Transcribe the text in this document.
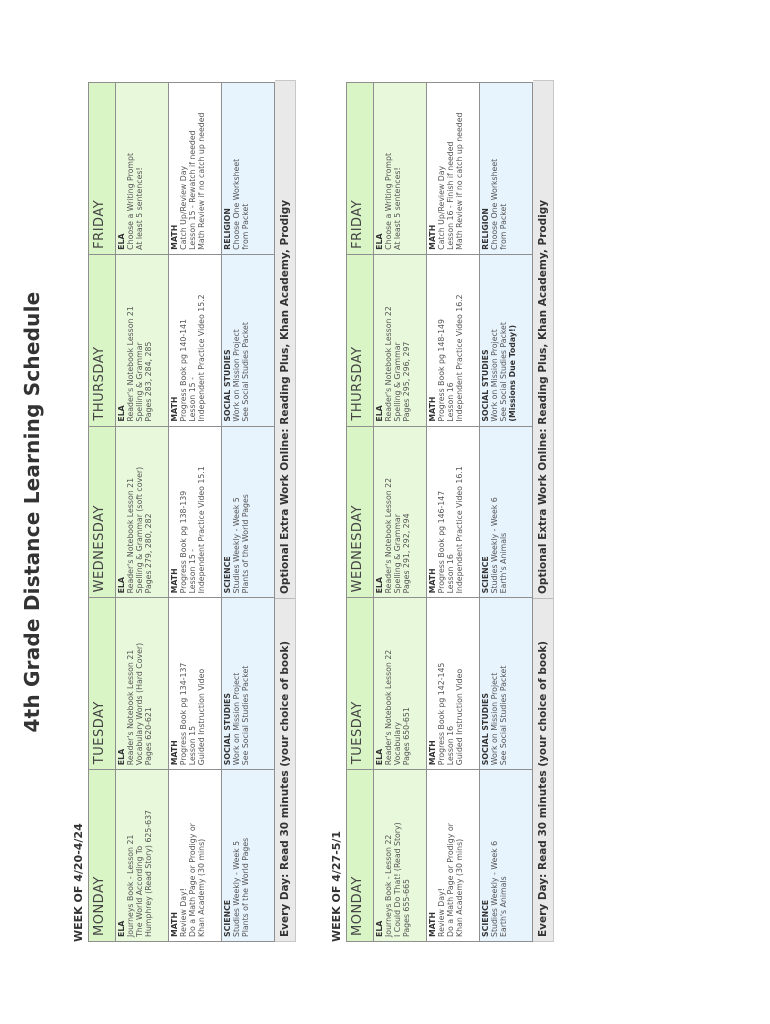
4th Grade Distance Learning Schedule
WEEK OF 4/20-4/24 MONDAY	TUESDAY	WEDNESDAY	THURSDAY	FRIDAY

ELA Journeys Book - Lesson 21 The World According To Humphrey (Read Story) 625-637	ELA Reader's Notebook Lesson 21 Vocabulary Words (Hard Cover) Pages 620-621	ELA Reader's Notebook Lesson 21 Spelling & Grammar (soft cover) Pages 279, 280, 282	ELA Reader's Notebook Lesson 21 Spelling & Grammar Pages 283, 284, 285	ELA Choose a Writing Prompt At least 5 sentences!

MATH Review Day! Do a Math Page or Prodigy or Khan Academy (30 mins)	MATH Progress Book pg 134-137 Lesson 15 Guided Instruction Video	MATH Progress Book pg 138-139 Lesson 15 - Independent Practice Video 15.1	MATH Progress Book pg 140-141 Lesson 15 - Independent Practice Video 15.2	MATH Catch Up/Review Day Lesson 15 - Rewatch if needed Math Review if no catch up needed

SCIENCE Studies Weekly - Week 5 Plants of the World Pages	SOCIAL STUDIES Work on Mission Project See Social Studies Packet	SCIENCE Studies Weekly - Week 5 Plants of the World Pages	SOCIAL STUDIES Work on Mission Project See Social Studies Packet	RELIGION Choose One Worksheet from Packet
Every Day: Read 30 minutes (your choice of book)
Optional Extra Work Online: Reading Plus, Khan Academy, Prodigy
WEEK OF 4/27-5/1 MONDAY	TUESDAY	WEDNESDAY	THURSDAY	FRIDAY

ELA Journeys Book - Lesson 22 I Could Do That! (Read Story) Pages 655-665	ELA Reader's Notebook Lesson 22 Vocabulary Pages 650-651	ELA Reader's Notebook Lesson 22 Spelling & Grammar Pages 291, 292, 294	ELA Reader's Notebook Lesson 22 Spelling & Grammar Pages 295, 296, 297	ELA Choose a Writing Prompt At least 5 sentences!

MATH Review Day! Do a Math Page or Prodigy or Khan Academy (30 mins)	MATH Progress Book pg 142-145 Lesson 16 Guided Instruction Video	MATH Progress Book pg 146-147 Lesson 16 Independent Practice Video 16.1	MATH Progress Book pg 148-149 Lesson 16 Independent Practice Video 16.2	MATH Catch Up/Review Day Lesson 16 - Finish if needed Math Review if no catch up needed

SCIENCE Studies Weekly - Week 6 Earth's Animals	SOCIAL STUDIES Work on Mission Project See Social Studies Packet	SCIENCE Studies Weekly - Week 6 Earth's Animals	SOCIAL STUDIES Work on Mission Project See Social Studies Packet (Missions Due Today!)	RELIGION Choose One Worksheet from Packet
Every Day: Read 30 minutes (your choice of book)
Optional Extra Work Online: Reading Plus, Khan Academy, Prodigy
